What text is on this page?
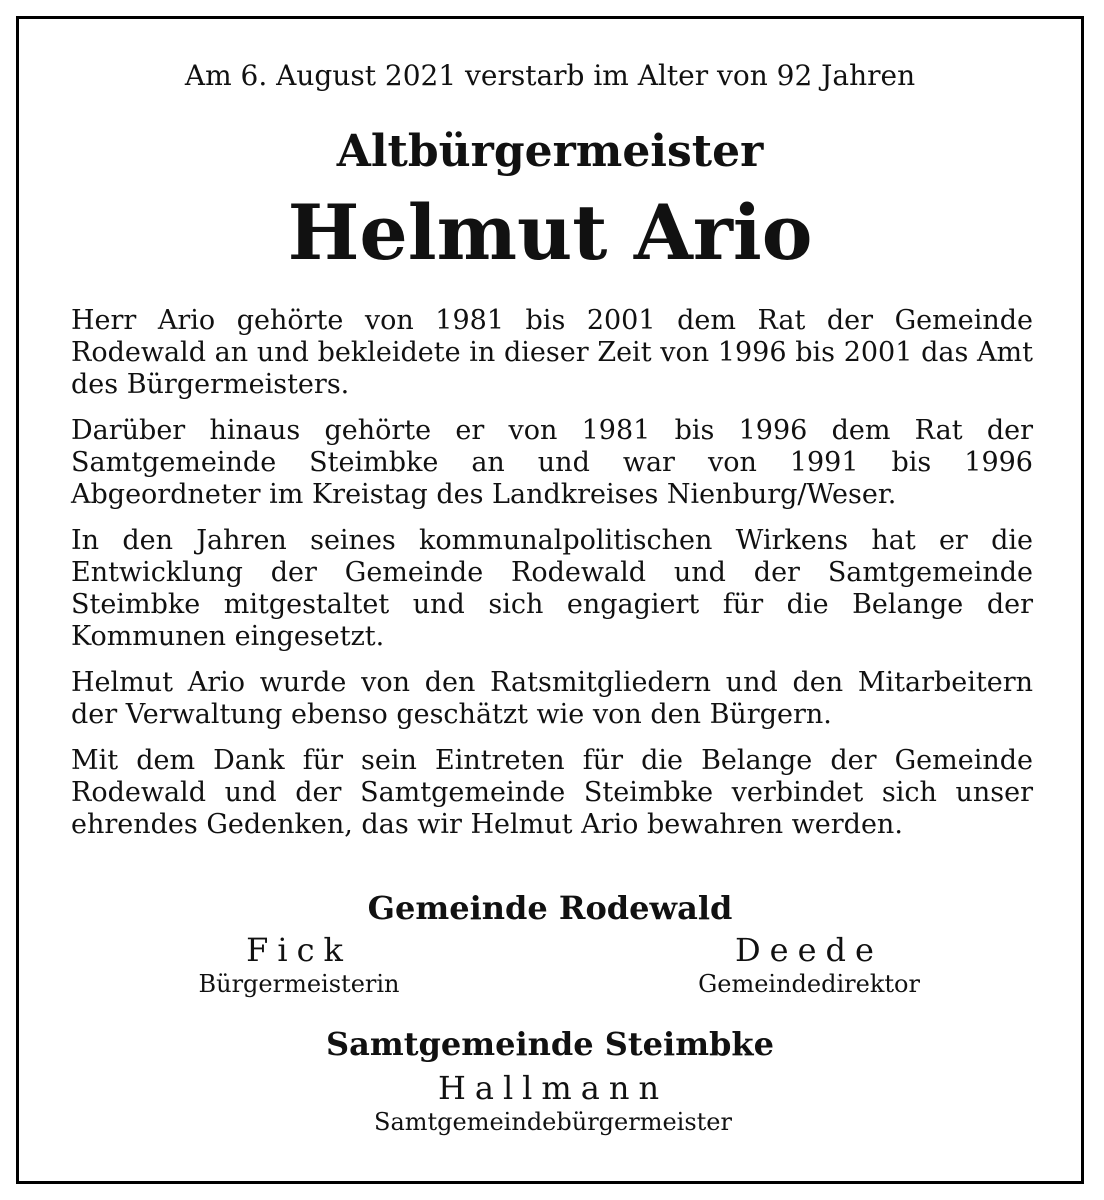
Am 6. August 2021 verstarb im Alter von 92 Jahren
Altbürgermeister
Helmut Ario

Herr Ario gehörte von 1981 bis 2001 dem Rat der Gemeinde Rodewald an und bekleidete in dieser Zeit von 1996 bis 2001 das Amt des Bürgermeisters.

Darüber hinaus gehörte er von 1981 bis 1996 dem Rat der Samtgemeinde Steimbke an und war von 1991 bis 1996 Abgeordneter im Kreistag des Landkreises Nienburg/Weser.

In den Jahren seines kommunalpolitischen Wirkens hat er die Entwicklung der Gemeinde Rodewald und der Samtgemeinde Steimbke mitgestaltet und sich engagiert für die Belange der Kommunen eingesetzt.

Helmut Ario wurde von den Ratsmitgliedern und den Mitarbeitern der Verwaltung ebenso geschätzt wie von den Bürgern.

Mit dem Dank für sein Eintreten für die Belange der Gemeinde Rodewald und der Samtgemeinde Steimbke verbindet sich unser ehrendes Gedenken, das wir Helmut Ario bewahren werden.

Gemeinde Rodewald
Fick
Bürgermeisterin
Deede
Gemeindedirektor
Samtgemeinde Steimbke
Hallmann
Samtgemeindebürgermeister
